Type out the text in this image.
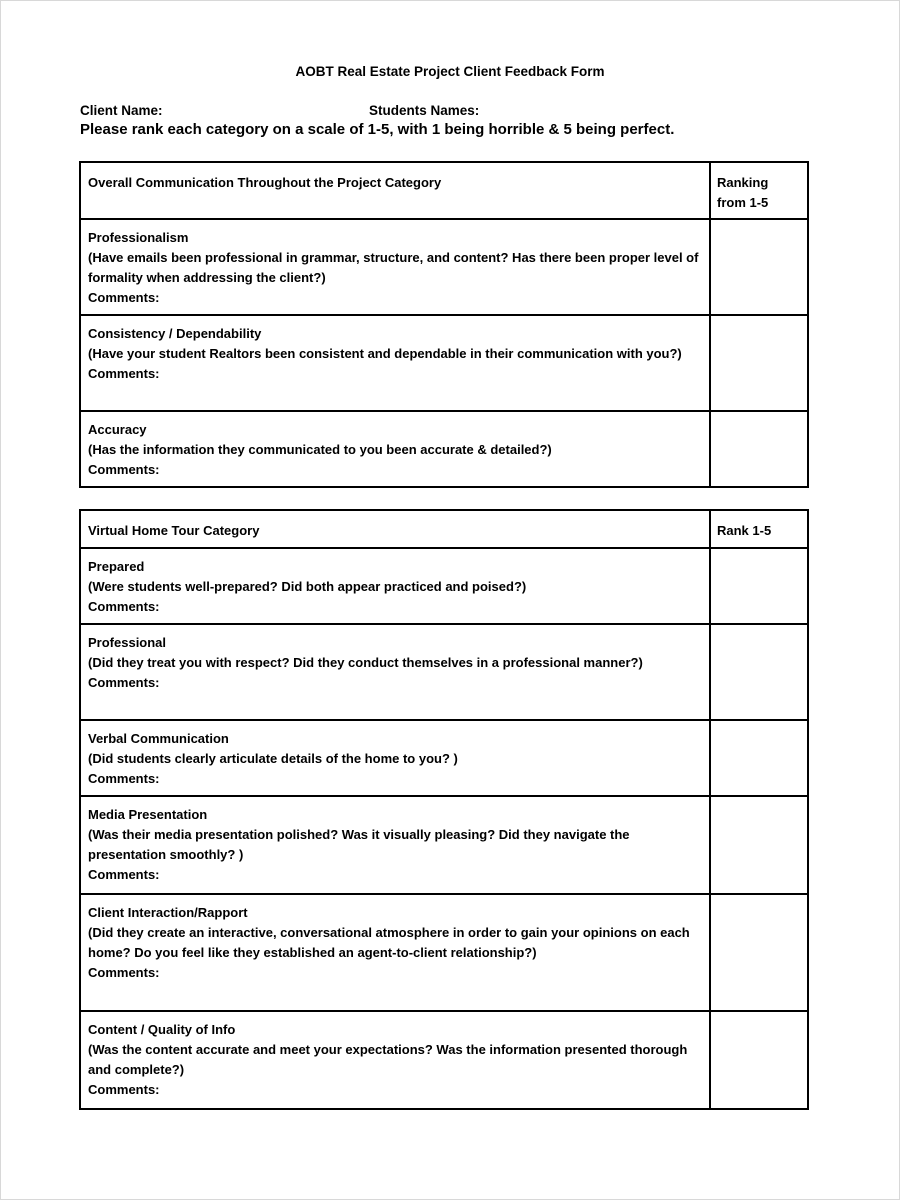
AOBT Real Estate Project Client Feedback Form
Client Name:	Students Names:
Please rank each category on a scale of 1-5, with 1 being horrible & 5 being perfect.
Overall Communication Throughout the Project Category	Ranking
from 1-5

Professionalism
(Have emails been professional in grammar, structure, and content? Has there been proper level of formality when addressing the client?)
Comments:	

Consistency / Dependability
(Have your student Realtors been consistent and dependable in their communication with you?)
Comments:	

Accuracy
(Has the information they communicated to you been accurate & detailed?)
Comments:	

Virtual Home Tour Category	Rank 1-5

Prepared
(Were students well-prepared? Did both appear practiced and poised?)
Comments:	

Professional
(Did they treat you with respect? Did they conduct themselves in a professional manner?)
Comments:	

Verbal Communication
(Did students clearly articulate details of the home to you? )
Comments:	

Media Presentation
(Was their media presentation polished? Was it visually pleasing? Did they navigate the presentation smoothly? )
Comments:	

Client Interaction/Rapport
(Did they create an interactive, conversational atmosphere in order to gain your opinions on each home? Do you feel like they established an agent-to-client relationship?)
Comments:	

Content / Quality of Info
(Was the content accurate and meet your expectations? Was the information presented thorough and complete?)
Comments:	
